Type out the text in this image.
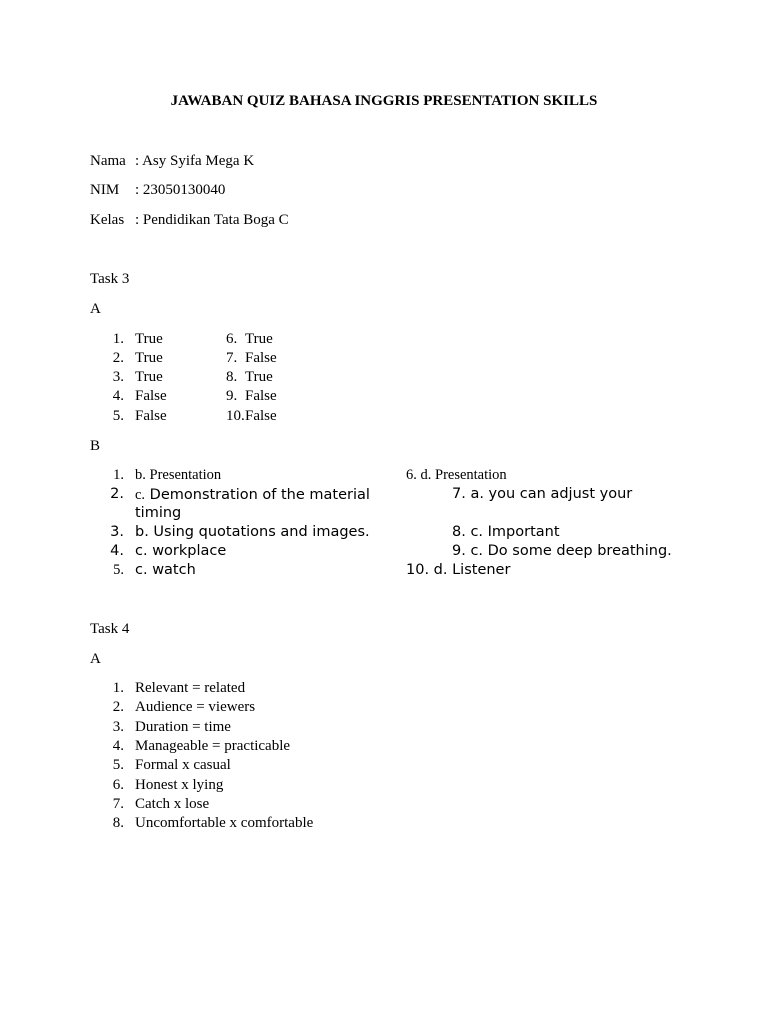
JAWABAN QUIZ BAHASA INGGRIS PRESENTATION SKILLS
Nama : Asy Syifa Mega K
NIM : 23050130040
Kelas : Pendidikan Tata Boga C
Task 3
A
1. True
2. True
3. True
4. False
5. False
6. True
7. False
8. True
9. False
10. False
B
1. b. Presentation
2. c. Demonstration of the material
timing
3. b. Using quotations and images.
4. c. workplace
5. c. watch
6. d. Presentation
7. a. you can adjust your
8. c. Important
9. c. Do some deep breathing.
10. d. Listener
Task 4
A
1. Relevant = related
2. Audience = viewers
3. Duration = time
4. Manageable = practicable
5. Formal x casual
6. Honest x lying
7. Catch x lose
8. Uncomfortable x comfortable
